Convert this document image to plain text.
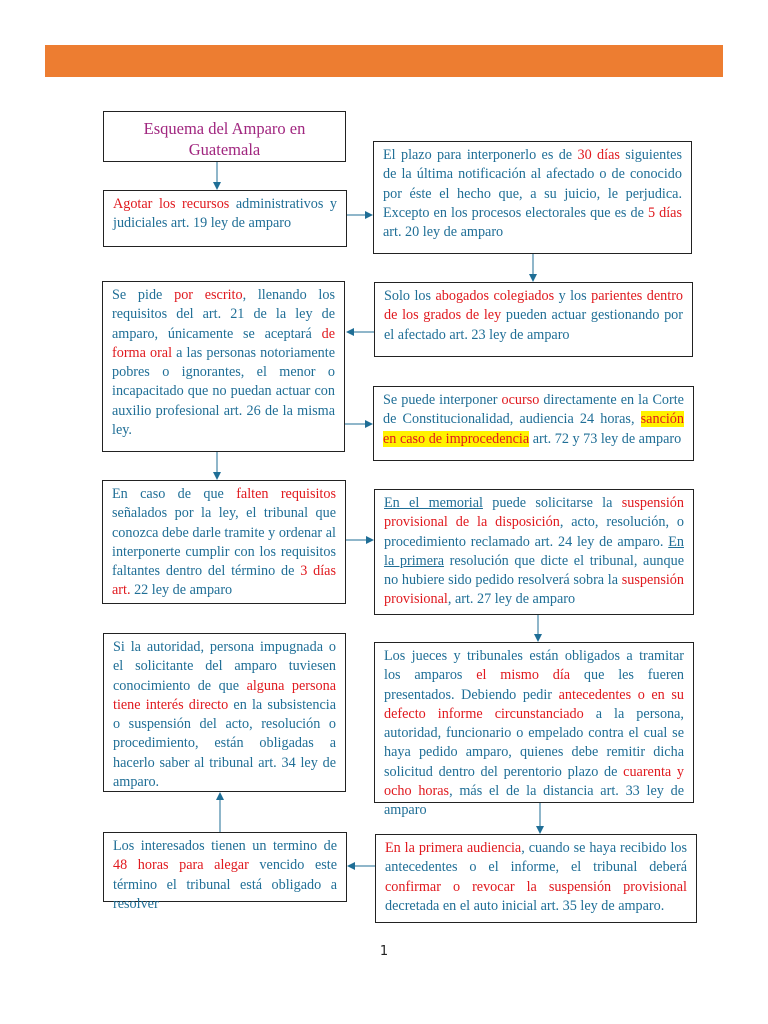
Esquema del Amparo en Guatemala
Agotar los recursos administrativos y judiciales art. 19 ley de amparo
El plazo para interponerlo es de 30 días siguientes de la última notificación al afectado o de conocido por éste el hecho que, a su juicio, le perjudica. Excepto en los procesos electorales que es de 5 días art. 20 ley de amparo
Solo los abogados colegiados y los parientes dentro de los grados de ley pueden actuar gestionando por el afectado art. 23 ley de amparo
Se pide por escrito, llenando los requisitos del art. 21 de la ley de amparo, únicamente se aceptará de forma oral a las personas notoriamente pobres o ignorantes, el menor o incapacitado que no puedan actuar con auxilio profesional art. 26 de la misma ley.
Se puede interponer ocurso directamente en la Corte de Constitucionalidad, audiencia 24 horas, sanción en caso de improcedencia art. 72 y 73 ley de amparo
En caso de que falten requisitos señalados por la ley, el tribunal que conozca debe darle tramite y ordenar al interponerte cumplir con los requisitos faltantes dentro del término de 3 días art. 22 ley de amparo
En el memorial puede solicitarse la suspensión provisional de la disposición, acto, resolución, o procedimiento reclamado art. 24 ley de amparo. En la primera resolución que dicte el tribunal, aunque no hubiere sido pedido resolverá sobra la suspensión provisional, art. 27 ley de amparo
Si la autoridad, persona impugnada o el solicitante del amparo tuviesen conocimiento de que alguna persona tiene interés directo en la subsistencia o suspensión del acto, resolución o procedimiento, están obligadas a hacerlo saber al tribunal art. 34 ley de amparo.
Los jueces y tribunales están obligados a tramitar los amparos el mismo día que les fueren presentados. Debiendo pedir antecedentes o en su defecto informe circunstanciado a la persona, autoridad, funcionario o empelado contra el cual se haya pedido amparo, quienes debe remitir dicha solicitud dentro del perentorio plazo de cuarenta y ocho horas, más el de la distancia art. 33 ley de amparo
Los interesados tienen un termino de 48 horas para alegar vencido este término el tribunal está obligado a resolver
En la primera audiencia, cuando se haya recibido los antecedentes o el informe, el tribunal deberá confirmar o revocar la suspensión provisional decretada en el auto inicial art. 35 ley de amparo.
1
